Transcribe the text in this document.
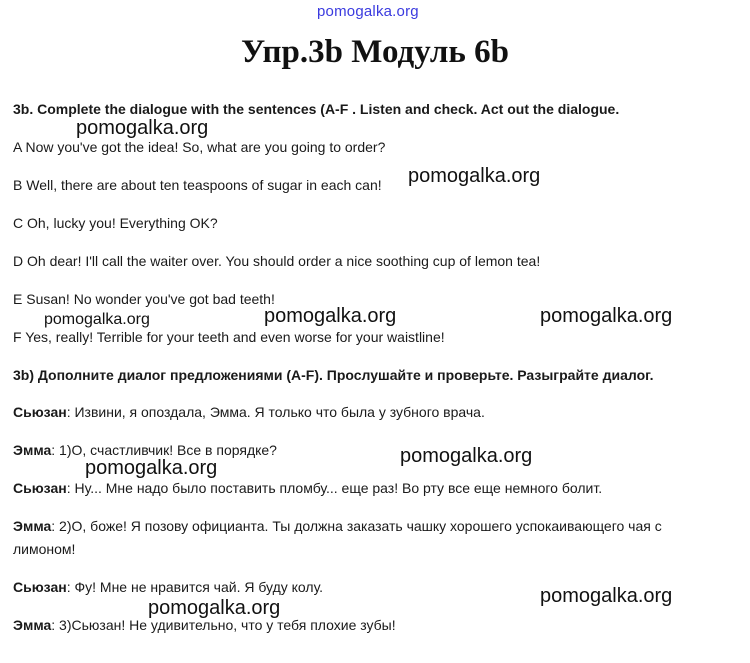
pomogalka.org
Упр.3b Модуль 6b
3b. Complete the dialogue with the sentences (A-F . Listen and check. Act out the dialogue.
A Now you've got the idea! So, what are you going to order?
B Well, there are about ten teaspoons of sugar in each can!
C Oh, lucky you! Everything OK?
D Oh dear! I'll call the waiter over. You should order a nice soothing cup of lemon tea!
E Susan! No wonder you've got bad teeth!
F Yes, really! Terrible for your teeth and even worse for your waistline!
3b) Дополните диалог предложениями (A-F). Прослушайте и проверьте. Разыграйте диалог.
Сьюзан: Извини, я опоздала, Эмма. Я только что была у зубного врача.
Эмма: 1)О, счастливчик! Все в порядке?
Сьюзан: Ну... Мне надо было поставить пломбу... еще раз! Во рту все еще немного болит.
Эмма: 2)О, боже! Я позову официанта. Ты должна заказать чашку хорошего успокаивающего чая с
лимоном!
Сьюзан: Фу! Мне не нравится чай. Я буду колу.
Эмма: 3)Сьюзан! Не удивительно, что у тебя плохие зубы!
pomogalka.org
pomogalka.org
pomogalka.org	pomogalka.org	pomogalka.org
pomogalka.org
pomogalka.org
pomogalka.org
pomogalka.org
